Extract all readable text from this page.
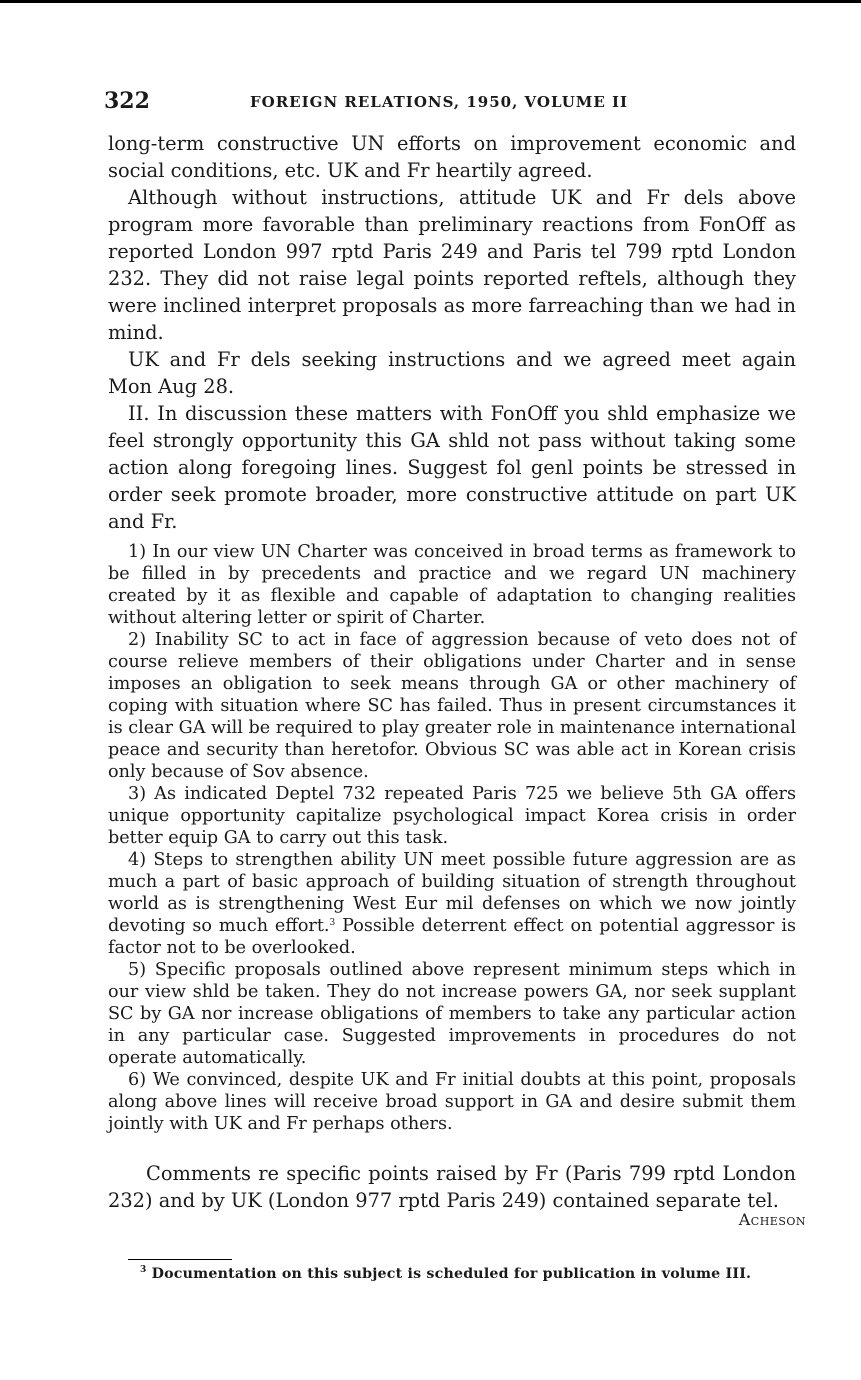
322	FOREIGN RELATIONS, 1950, VOLUME II

long-term constructive UN efforts on improvement economic and social conditions, etc. UK and Fr heartily agreed.

Although without instructions, attitude UK and Fr dels above program more favorable than preliminary reactions from FonOff as reported London 997 rptd Paris 249 and Paris tel 799 rptd London 232. They did not raise legal points reported reftels, although they were inclined interpret proposals as more farreaching than we had in mind.

UK and Fr dels seeking instructions and we agreed meet again Mon Aug 28.

II. In discussion these matters with FonOff you shld emphasize we feel strongly opportunity this GA shld not pass without taking some action along foregoing lines. Suggest fol genl points be stressed in order seek promote broader, more constructive attitude on part UK and Fr.

1) In our view UN Charter was conceived in broad terms as framework to be filled in by precedents and practice and we regard UN machinery created by it as flexible and capable of adaptation to changing realities without altering letter or spirit of Charter.

2) Inability SC to act in face of aggression because of veto does not of course relieve members of their obligations under Charter and in sense imposes an obligation to seek means through GA or other machinery of coping with situation where SC has failed. Thus in present circumstances it is clear GA will be required to play greater role in maintenance international peace and security than heretofor. Obvious SC was able act in Korean crisis only because of Sov absence.

3) As indicated Deptel 732 repeated Paris 725 we believe 5th GA offers unique opportunity capitalize psychological impact Korea crisis in order better equip GA to carry out this task.

4) Steps to strengthen ability UN meet possible future aggression are as much a part of basic approach of building situation of strength throughout world as is strengthening West Eur mil defenses on which we now jointly devoting so much effort.$^3$ Possible deterrent effect on potential aggressor is factor not to be overlooked.

5) Specific proposals outlined above represent minimum steps which in our view shld be taken. They do not increase powers GA, nor seek supplant SC by GA nor increase obligations of members to take any particular action in any particular case. Suggested improvements in procedures do not operate automatically.

6) We convinced, despite UK and Fr initial doubts at this point, proposals along above lines will receive broad support in GA and desire submit them jointly with UK and Fr perhaps others.

Comments re specific points raised by Fr (Paris 799 rptd London 232) and by UK (London 977 rptd Paris 249) contained separate tel.

Acheson
$^3$ Documentation on this subject is scheduled for publication in volume III.
